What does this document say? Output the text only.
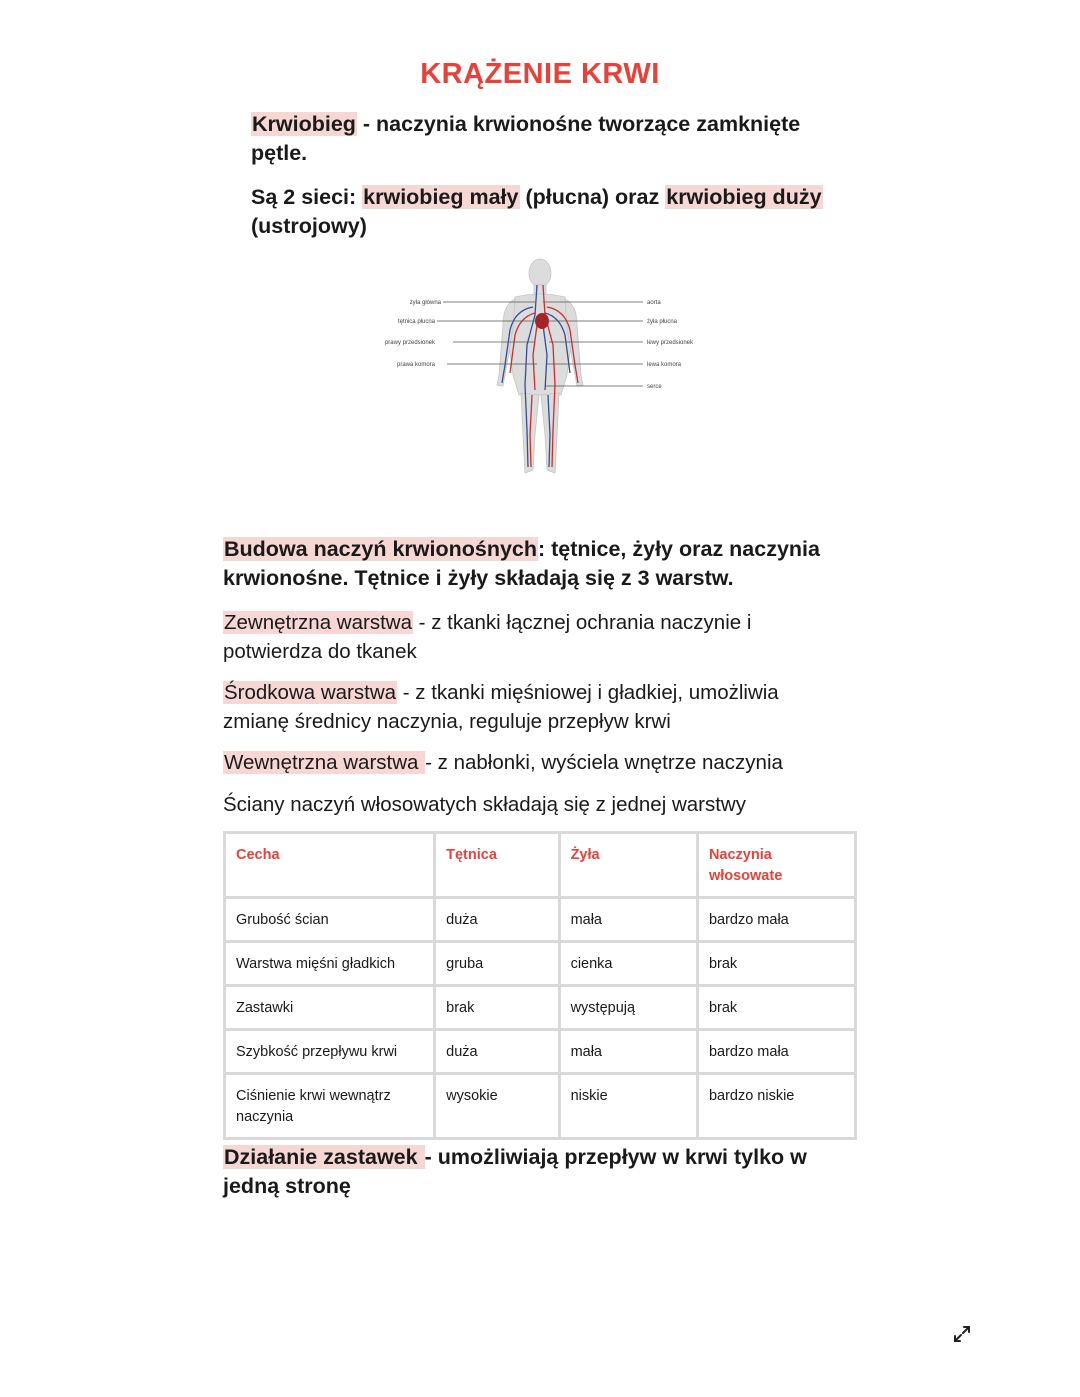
KRĄŻENIE KRWI

Krwiobieg - naczynia krwionośne tworzące zamknięte pętle.

Są 2 sieci: krwiobieg mały (płucna) oraz krwiobieg duży (ustrojowy)

żyła główna
tętnica płucna
prawy przedsionek
prawa komora
aorta
żyła płucna
lewy przedsionek
lewa komora
serce

Budowa naczyń krwionośnych: tętnice, żyły oraz naczynia krwionośne. Tętnice i żyły składają się z 3 warstw.

Zewnętrzna warstwa - z tkanki łącznej ochrania naczynie i potwierdza do tkanek

Środkowa warstwa - z tkanki mięśniowej i gładkiej, umożliwia zmianę średnicy naczynia, reguluje przepływ krwi

Wewnętrzna warstwa - z nabłonki, wyściela wnętrze naczynia

Ściany naczyń włosowatych składają się z jednej warstwy

Cecha	Tętnica	Żyła	Naczynia włosowate
Grubość ścian	duża	mała	bardzo mała
Warstwa mięśni gładkich	gruba	cienka	brak
Zastawki	brak	występują	brak
Szybkość przepływu krwi	duża	mała	bardzo mała
Ciśnienie krwi wewnątrz naczynia	wysokie	niskie	bardzo niskie

Działanie zastawek - umożliwiają przepływ w krwi tylko w jedną stronę
